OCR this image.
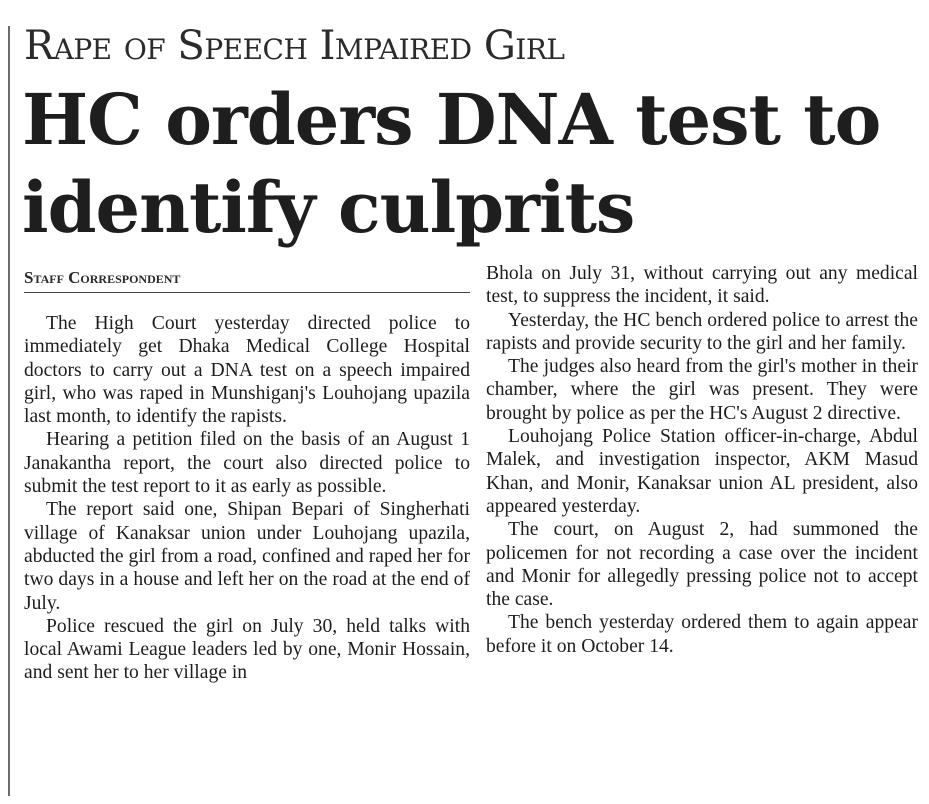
Rape of Speech Impaired Girl
HC orders DNA test to identify culprits
Staff Correspondent

The High Court yesterday directed police to immediately get Dhaka Medical College Hospital doctors to carry out a DNA test on a speech impaired girl, who was raped in Munshiganj's Louhojang upazila last month, to identify the rapists.

Hearing a petition filed on the basis of an August 1 Janakantha report, the court also directed police to submit the test report to it as early as possible.

The report said one, Shipan Bepari of Singherhati village of Kanaksar union under Louhojang upazila, abducted the girl from a road, confined and raped her for two days in a house and left her on the road at the end of July.

Police rescued the girl on July 30, held talks with local Awami League leaders led by one, Monir Hossain, and sent her to her village in

Bhola on July 31, without carrying out any medical test, to suppress the incident, it said.

Yesterday, the HC bench ordered police to arrest the rapists and provide security to the girl and her family.

The judges also heard from the girl's mother in their chamber, where the girl was present. They were brought by police as per the HC's August 2 directive.

Louhojang Police Station officer-in-charge, Abdul Malek, and investigation inspector, AKM Masud Khan, and Monir, Kanaksar union AL president, also appeared yesterday.

The court, on August 2, had summoned the policemen for not recording a case over the incident and Monir for allegedly pressing police not to accept the case.

The bench yesterday ordered them to again appear before it on October 14.
